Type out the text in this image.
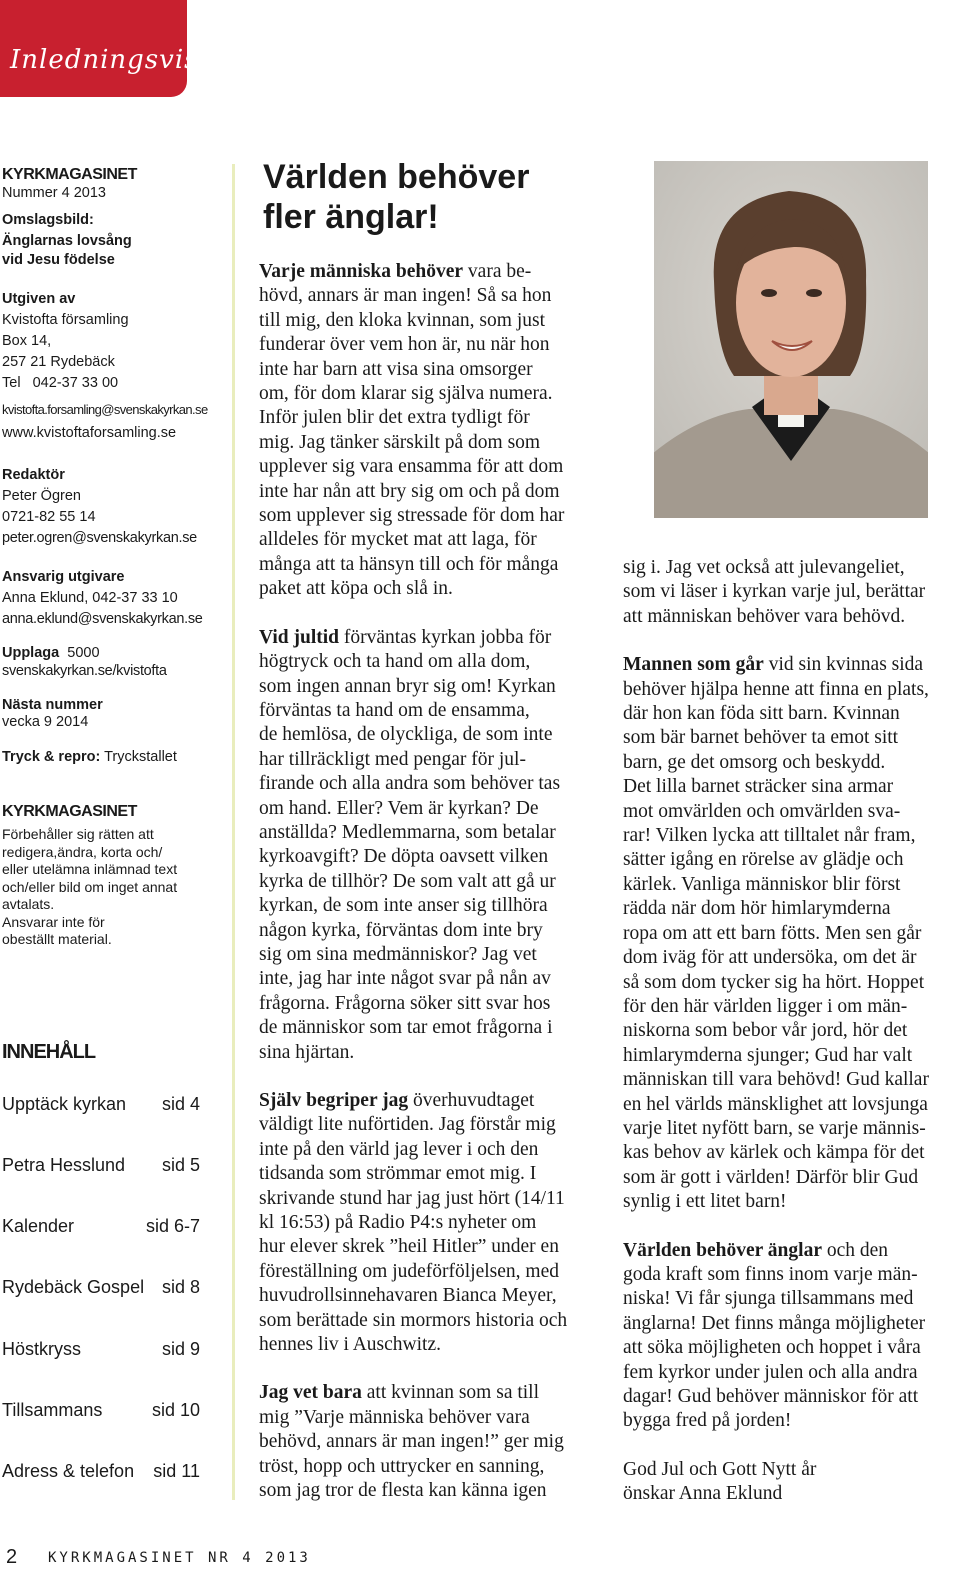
Inledningsvis...
KYRKMAGASINET
Nummer 4 2013
Omslagsbild:
Änglarnas lovsång
vid Jesu födelse
Utgiven av
Kvistofta församling
Box 14,
257 21 Rydebäck
Tel   042-37 33 00
kvistofta.forsamling@svenskakyrkan.se
www.kvistoftaforsamling.se
Redaktör
Peter Ögren
0721-82 55 14
peter.ogren@svenskakyrkan.se
Ansvarig utgivare
Anna Eklund, 042-37 33 10
anna.eklund@svenskakyrkan.se
Upplaga 5000
svenskakyrkan.se/kvistofta
Nästa nummer
vecka 9 2014
Tryck & repro: Tryckstallet
KYRKMAGASINET
Förbehåller sig rätten att
redigera,ändra, korta och/
eller utelämna inlämnad text
och/eller bild om inget annat
avtalats.
Ansvarar inte för
obeställt material.
INNEHÅLL
Upptäck kyrkan sid 4
Petra Hesslund sid 5
Kalender	sid 6-7
Rydebäck Gospel sid 8
Höstkryss	sid 9
Tillsammans	sid 10
Adress & telefon sid 11
Världen behöver
fler änglar!

Varje människa behöver vara be-
hövd, annars är man ingen! Så sa hon
till mig, den kloka kvinnan, som just
funderar över vem hon är, nu när hon
inte har barn att visa sina omsorger
om, för dom klarar sig själva numera.
Inför julen blir det extra tydligt för
mig. Jag tänker särskilt på dom som
upplever sig vara ensamma för att dom
inte har nån att bry sig om och på dom
som upplever sig stressade för dom har
alldeles för mycket mat att laga, för
många att ta hänsyn till och för många
paket att köpa och slå in.

Vid jultid förväntas kyrkan jobba för
högtryck och ta hand om alla dom,
som ingen annan bryr sig om! Kyrkan
förväntas ta hand om de ensamma,
de hemlösa, de olyckliga, de som inte
har tillräckligt med pengar för jul-
firande och alla andra som behöver tas
om hand. Eller? Vem är kyrkan? De
anställda? Medlemmarna, som betalar
kyrkoavgift? De döpta oavsett vilken
kyrka de tillhör? De som valt att gå ur
kyrkan, de som inte anser sig tillhöra
någon kyrka, förväntas dom inte bry
sig om sina medmänniskor? Jag vet
inte, jag har inte något svar på nån av
frågorna. Frågorna söker sitt svar hos
de människor som tar emot frågorna i
sina hjärtan.

Själv begriper jag överhuvudtaget
väldigt lite nuförtiden. Jag förstår mig
inte på den värld jag lever i och den
tidsanda som strömmar emot mig. I
skrivande stund har jag just hört (14/11
kl 16:53) på Radio P4:s nyheter om
hur elever skrek ”heil Hitler” under en
föreställning om judeförföljelsen, med
huvudrollsinnehavaren Bianca Meyer,
som berättade sin mormors historia och
hennes liv i Auschwitz.

Jag vet bara att kvinnan som sa till
mig ”Varje människa behöver vara
behövd, annars är man ingen!” ger mig
tröst, hopp och uttrycker en sanning,
som jag tror de flesta kan känna igen

sig i. Jag vet också att julevangeliet,
som vi läser i kyrkan varje jul, berättar
att människan behöver vara behövd.

Mannen som går vid sin kvinnas sida
behöver hjälpa henne att finna en plats,
där hon kan föda sitt barn. Kvinnan
som bär barnet behöver ta emot sitt
barn, ge det omsorg och beskydd.
Det lilla barnet sträcker sina armar
mot omvärlden och omvärlden sva-
rar! Vilken lycka att tilltalet når fram,
sätter igång en rörelse av glädje och
kärlek. Vanliga människor blir först
rädda när dom hör himlarymderna
ropa om att ett barn fötts. Men sen går
dom iväg för att undersöka, om det är
så som dom tycker sig ha hört. Hoppet
för den här världen ligger i om män-
niskorna som bebor vår jord, hör det
himlarymderna sjunger; Gud har valt
människan till vara behövd! Gud kallar
en hel världs mänsklighet att lovsjunga
varje litet nyfött barn, se varje männis-
kas behov av kärlek och kämpa för det
som är gott i världen! Därför blir Gud
synlig i ett litet barn!

Världen behöver änglar och den
goda kraft som finns inom varje män-
niska! Vi får sjunga tillsammans med
änglarna! Det finns många möjligheter
att söka möjligheten och hoppet i våra
fem kyrkor under julen och alla andra
dagar! Gud behöver människor för att
bygga fred på jorden!

God Jul och Gott Nytt år
önskar Anna Eklund

2 KYRKMAGASINET NR 4 2013
